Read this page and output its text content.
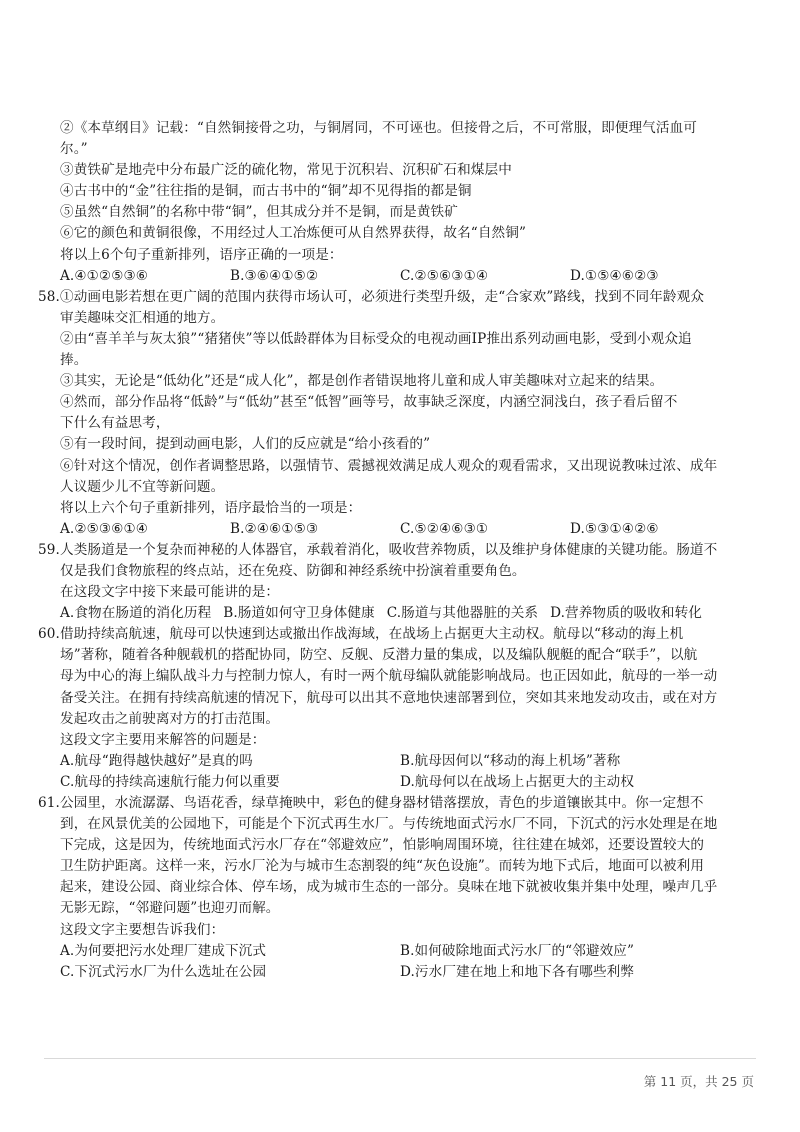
②《本草纲目》记载：“自然铜接骨之功，与铜屑同，不可诬也。但接骨之后，不可常服，即便理气活血可
尔。”
③黄铁矿是地壳中分布最广泛的硫化物，常见于沉积岩、沉积矿石和煤层中
④古书中的“金”往往指的是铜，而古书中的“铜”却不见得指的都是铜
⑤虽然“自然铜”的名称中带“铜”，但其成分并不是铜，而是黄铁矿
⑥它的颜色和黄铜很像，不用经过人工冶炼便可从自然界获得，故名“自然铜”
将以上6个句子重新排列，语序正确的一项是：
A.④①②⑤③⑥	B.③⑥④①⑤②	C.②⑤⑥③①④	D.①⑤④⑥②③
58. ①动画电影若想在更广阔的范围内获得市场认可，必须进行类型升级，走“合家欢”路线，找到不同年龄观众
审美趣味交汇相通的地方。
②由“喜羊羊与灰太狼”“猪猪侠”等以低龄群体为目标受众的电视动画IP推出系列动画电影，受到小观众追
捧。
③其实，无论是“低幼化”还是“成人化”，都是创作者错误地将儿童和成人审美趣味对立起来的结果。
④然而，部分作品将“低龄”与“低幼”甚至“低智”画等号，故事缺乏深度，内涵空洞浅白，孩子看后留不
下什么有益思考，
⑤有一段时间，提到动画电影，人们的反应就是“给小孩看的”
⑥针对这个情况，创作者调整思路，以强情节、震撼视效满足成人观众的观看需求，又出现说教味过浓、成年
人议题少儿不宜等新问题。
将以上六个句子重新排列，语序最恰当的一项是：
A.②⑤③⑥①④	B.②④⑥①⑤③	C.⑤②④⑥③①	D.⑤③①④②⑥
59. 人类肠道是一个复杂而神秘的人体器官，承载着消化，吸收营养物质，以及维护身体健康的关键功能。肠道不
仅是我们食物旅程的终点站，还在免疫、防御和神经系统中扮演着重要角色。
在这段文字中接下来最可能讲的是：
A.食物在肠道的消化历程 B.肠道如何守卫身体健康 C.肠道与其他器脏的关系 D.营养物质的吸收和转化
60. 借助持续高航速，航母可以快速到达或撤出作战海域，在战场上占据更大主动权。航母以“移动的海上机
场”著称，随着各种舰载机的搭配协同，防空、反舰、反潜力量的集成，以及编队舰艇的配合“联手”，以航
母为中心的海上编队战斗力与控制力惊人，有时一两个航母编队就能影响战局。也正因如此，航母的一举一动
备受关注。在拥有持续高航速的情况下，航母可以出其不意地快速部署到位，突如其来地发动攻击，或在对方
发起攻击之前驶离对方的打击范围。
这段文字主要用来解答的问题是：
A.航母“跑得越快越好”是真的吗	B.航母因何以“移动的海上机场”著称
C.航母的持续高速航行能力何以重要	D.航母何以在战场上占据更大的主动权
61. 公园里，水流潺潺、鸟语花香，绿草掩映中，彩色的健身器材错落摆放，青色的步道镶嵌其中。你一定想不
到，在风景优美的公园地下，可能是个下沉式再生水厂。与传统地面式污水厂不同，下沉式的污水处理是在地
下完成，这是因为，传统地面式污水厂存在“邻避效应”，怕影响周围环境，往往建在城郊，还要设置较大的
卫生防护距离。这样一来，污水厂沦为与城市生态割裂的纯“灰色设施”。而转为地下式后，地面可以被利用
起来，建设公园、商业综合体、停车场，成为城市生态的一部分。臭味在地下就被收集并集中处理，噪声几乎
无影无踪，“邻避问题”也迎刃而解。
这段文字主要想告诉我们：
A.为何要把污水处理厂建成下沉式	B.如何破除地面式污水厂的“邻避效应”
C.下沉式污水厂为什么选址在公园	D.污水厂建在地上和地下各有哪些利弊
第 11 页，共 25 页
